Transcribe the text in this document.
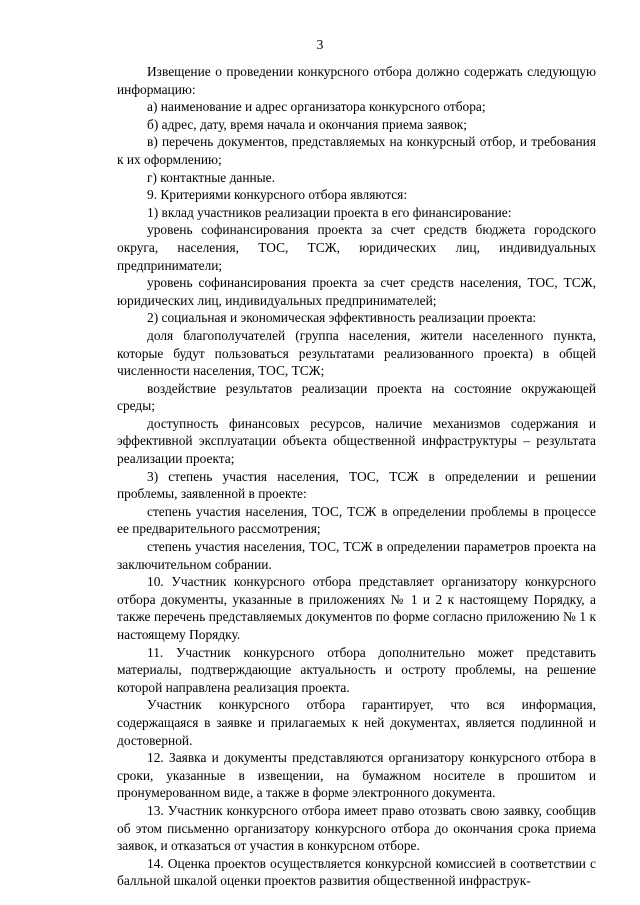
3

Извещение о проведении конкурсного отбора должно содержать следующую информацию:

а) наименование и адрес организатора конкурсного отбора;

б) адрес, дату, время начала и окончания приема заявок;

в) перечень документов, представляемых на конкурсный отбор, и требования к их оформлению;

г) контактные данные.

9. Критериями конкурсного отбора являются:

1) вклад участников реализации проекта в его финансирование:

уровень софинансирования проекта за счет средств бюджета городского округа, населения, ТОС, ТСЖ, юридических лиц, индивидуальных предприниматели;

уровень софинансирования проекта за счет средств населения, ТОС, ТСЖ, юридических лиц, индивидуальных предпринимателей;

2) социальная и экономическая эффективность реализации проекта:

доля благополучателей (группа населения, жители населенного пункта, которые будут пользоваться результатами реализованного проекта) в общей численности населения, ТОС, ТСЖ;

воздействие результатов реализации проекта на состояние окружающей среды;

доступность финансовых ресурсов, наличие механизмов содержания и эффективной эксплуатации объекта общественной инфраструктуры – результата реализации проекта;

3) степень участия населения, ТОС, ТСЖ в определении и решении проблемы, заявленной в проекте:

степень участия населения, ТОС, ТСЖ в определении проблемы в процессе ее предварительного рассмотрения;

степень участия населения, ТОС, ТСЖ в определении параметров проекта на заключительном собрании.

10. Участник конкурсного отбора представляет организатору конкурсного отбора документы, указанные в приложениях № 1 и 2 к настоящему Порядку, а также перечень представляемых документов по форме согласно приложению № 1 к настоящему Порядку.

11. Участник конкурсного отбора дополнительно может представить материалы, подтверждающие актуальность и остроту проблемы, на решение которой направлена реализация проекта.

Участник конкурсного отбора гарантирует, что вся информация, содержащаяся в заявке и прилагаемых к ней документах, является подлинной и достоверной.

12. Заявка и документы представляются организатору конкурсного отбора в сроки, указанные в извещении, на бумажном носителе в прошитом и пронумерованном виде, а также в форме электронного документа.

13. Участник конкурсного отбора имеет право отозвать свою заявку, сообщив об этом письменно организатору конкурсного отбора до окончания срока приема заявок, и отказаться от участия в конкурсном отборе.

14. Оценка проектов осуществляется конкурсной комиссией в соответствии с балльной шкалой оценки проектов развития общественной инфраструк-
